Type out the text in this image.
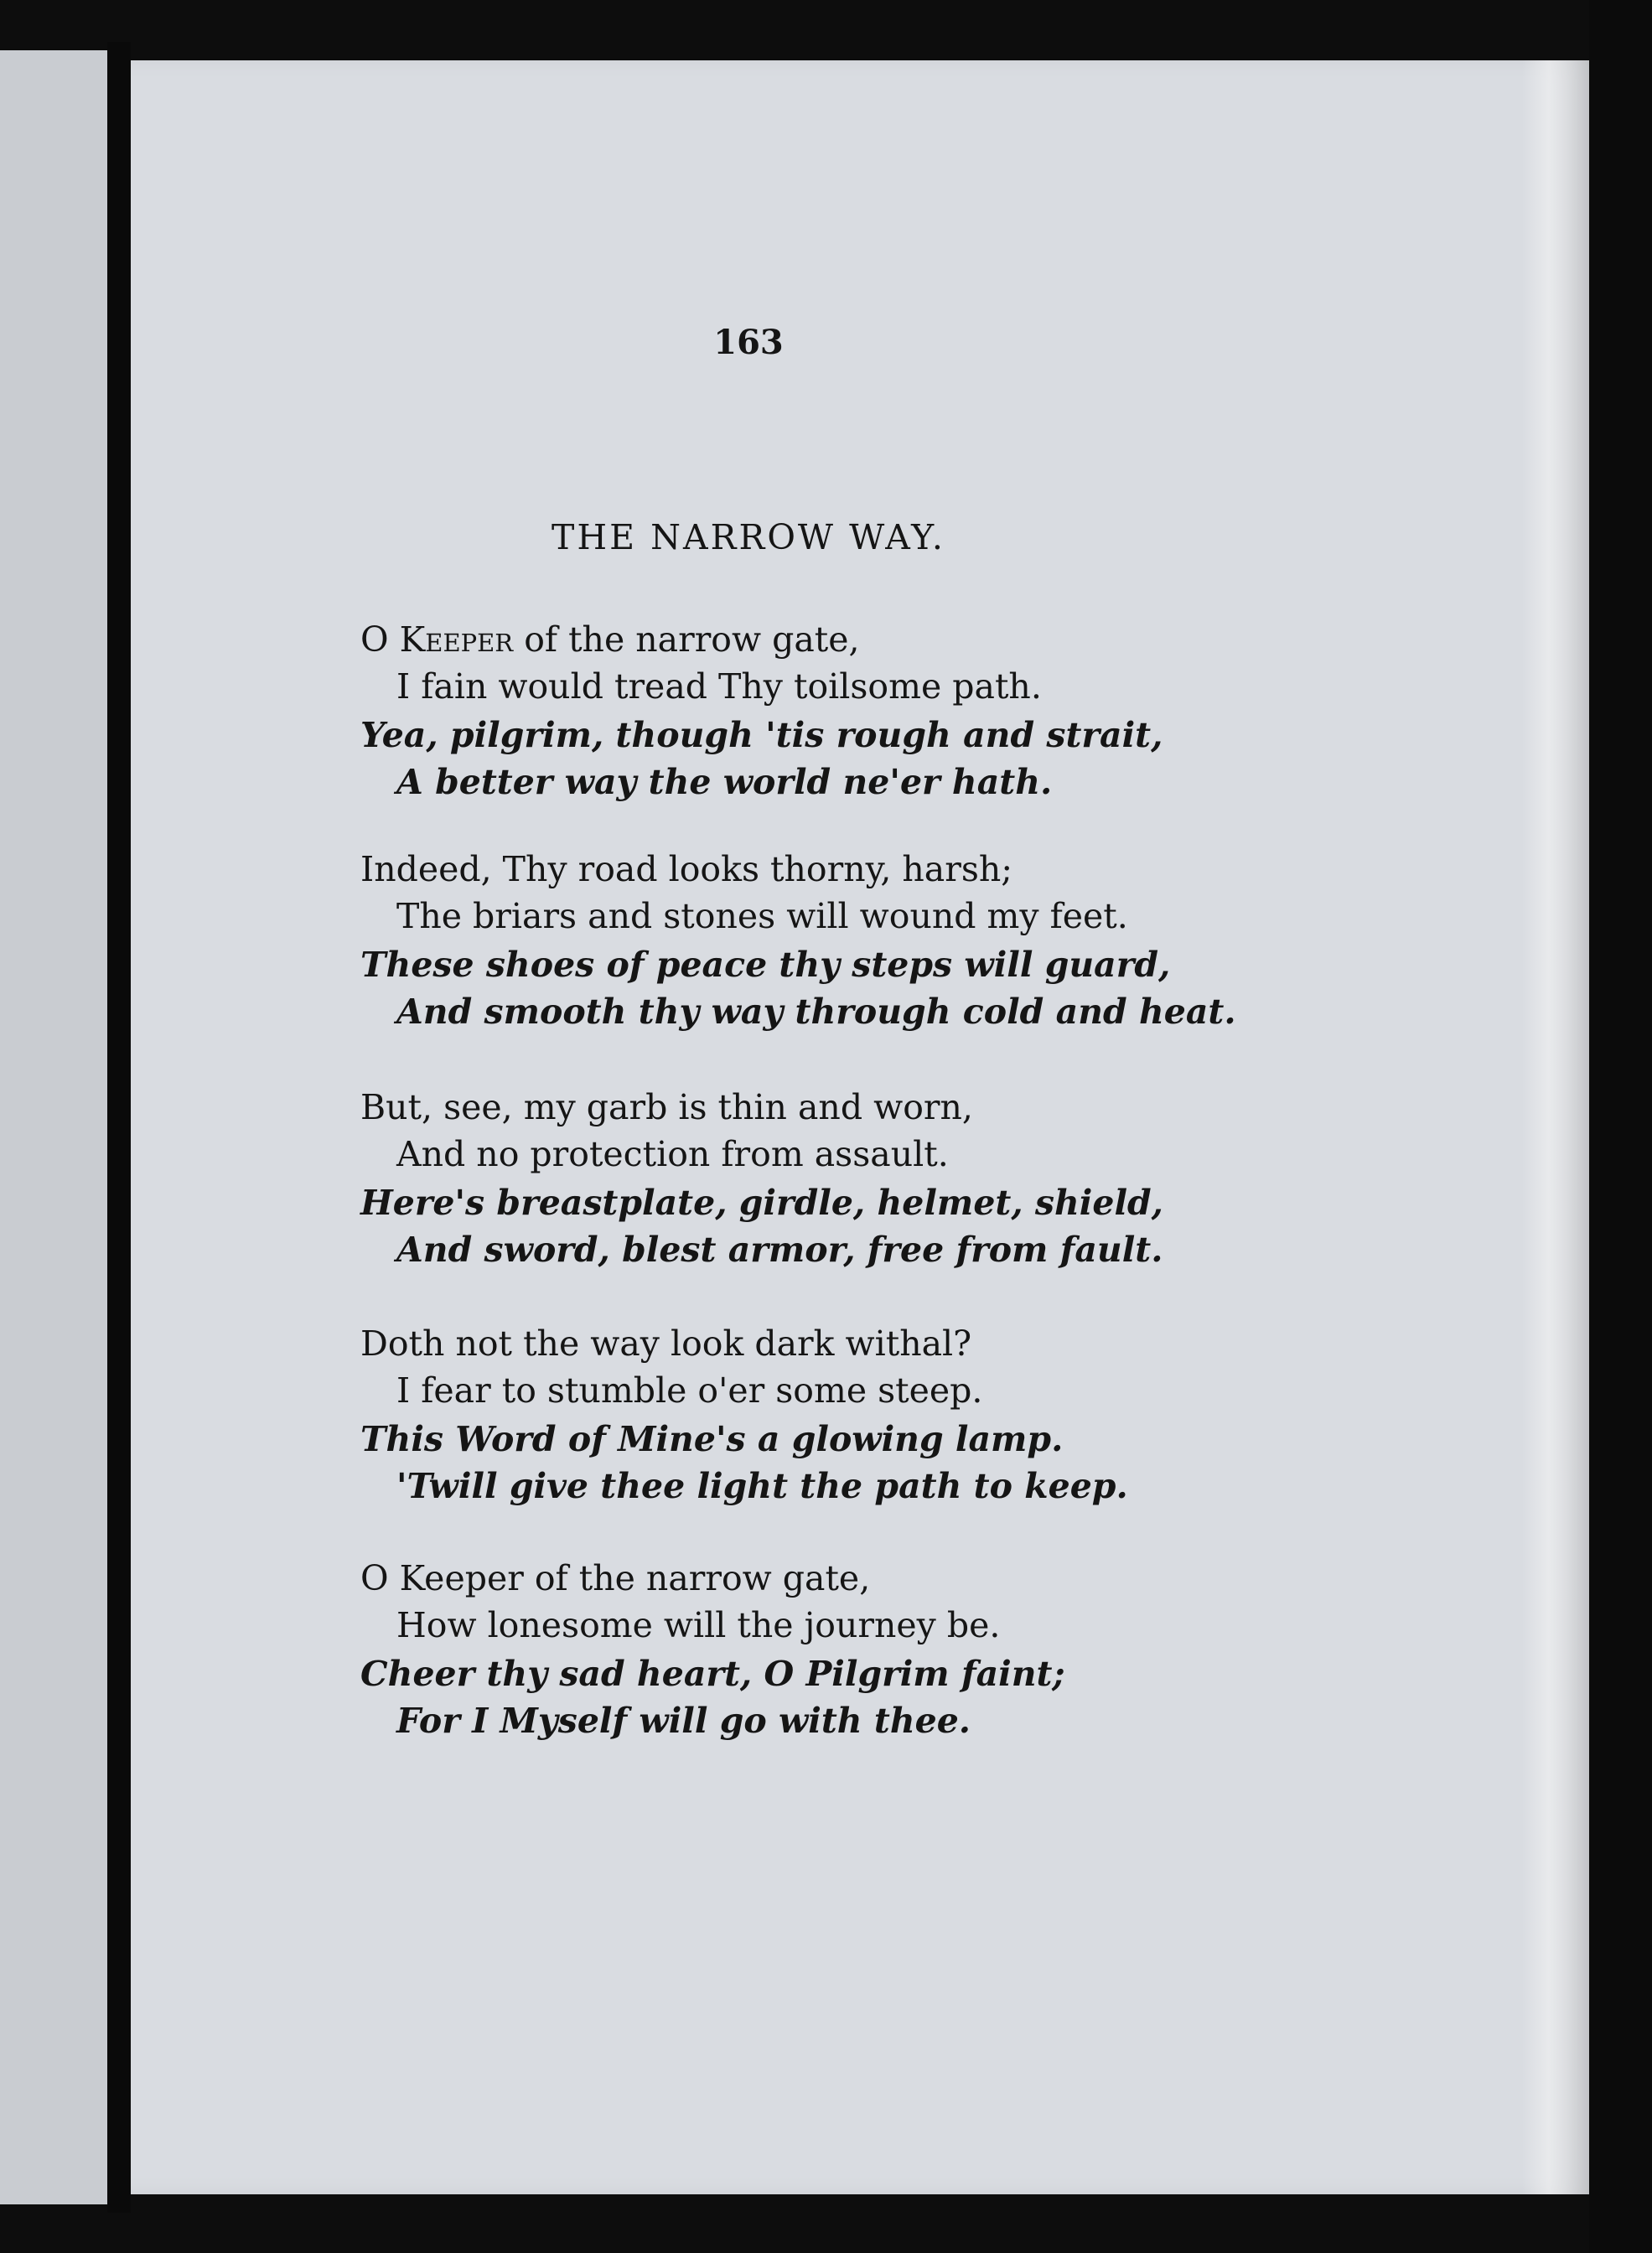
163
THE NARROW WAY.
O Keeper of the narrow gate,
I fain would tread Thy toilsome path.
Yea, pilgrim, though 'tis rough and strait,
A better way the world ne'er hath.
Indeed, Thy road looks thorny, harsh;
The briars and stones will wound my feet.
These shoes of peace thy steps will guard,
And smooth thy way through cold and heat.
But, see, my garb is thin and worn,
And no protection from assault.
Here's breastplate, girdle, helmet, shield,
And sword, blest armor, free from fault.
Doth not the way look dark withal?
I fear to stumble o'er some steep.
This Word of Mine's a glowing lamp.
'Twill give thee light the path to keep.
O Keeper of the narrow gate,
How lonesome will the journey be.
Cheer thy sad heart, O Pilgrim faint;
For I Myself will go with thee.
